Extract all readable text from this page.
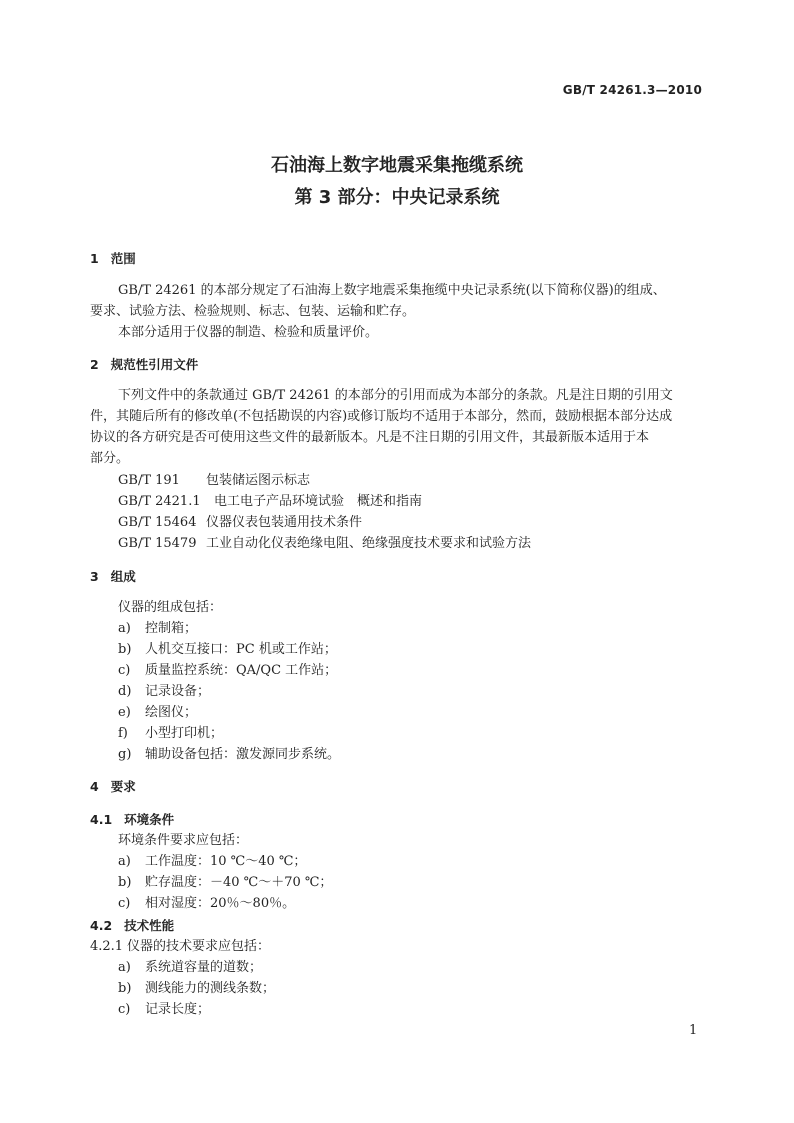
GB/T 24261.3—2010
石油海上数字地震采集拖缆系统
第 3 部分：中央记录系统
1 范围
GB/T 24261 的本部分规定了石油海上数字地震采集拖缆中央记录系统(以下简称仪器)的组成、
要求、试验方法、检验规则、标志、包装、运输和贮存。
本部分适用于仪器的制造、检验和质量评价。
2 规范性引用文件
下列文件中的条款通过 GB/T 24261 的本部分的引用而成为本部分的条款。凡是注日期的引用文
件，其随后所有的修改单(不包括勘误的内容)或修订版均不适用于本部分，然而，鼓励根据本部分达成
协议的各方研究是否可使用这些文件的最新版本。凡是不注日期的引用文件，其最新版本适用于本
部分。
GB/T 191 包装储运图示标志
GB/T 2421.1 电工电子产品环境试验　概述和指南
GB/T 15464 仪器仪表包装通用技术条件
GB/T 15479 工业自动化仪表绝缘电阻、绝缘强度技术要求和试验方法
3 组成
仪器的组成包括：
a) 控制箱；
b) 人机交互接口：PC 机或工作站；
c) 质量监控系统：QA/QC 工作站；
d) 记录设备；
e) 绘图仪；
f) 小型打印机；
g) 辅助设备包括：激发源同步系统。
4 要求
4.1 环境条件
环境条件要求应包括：
a) 工作温度：10 ℃～40 ℃；
b) 贮存温度：－40 ℃～＋70 ℃；
c) 相对湿度：20％～80％。
4.2 技术性能
4.2.1 仪器的技术要求应包括：
a) 系统道容量的道数；
b) 测线能力的测线条数；
c) 记录长度；
1
